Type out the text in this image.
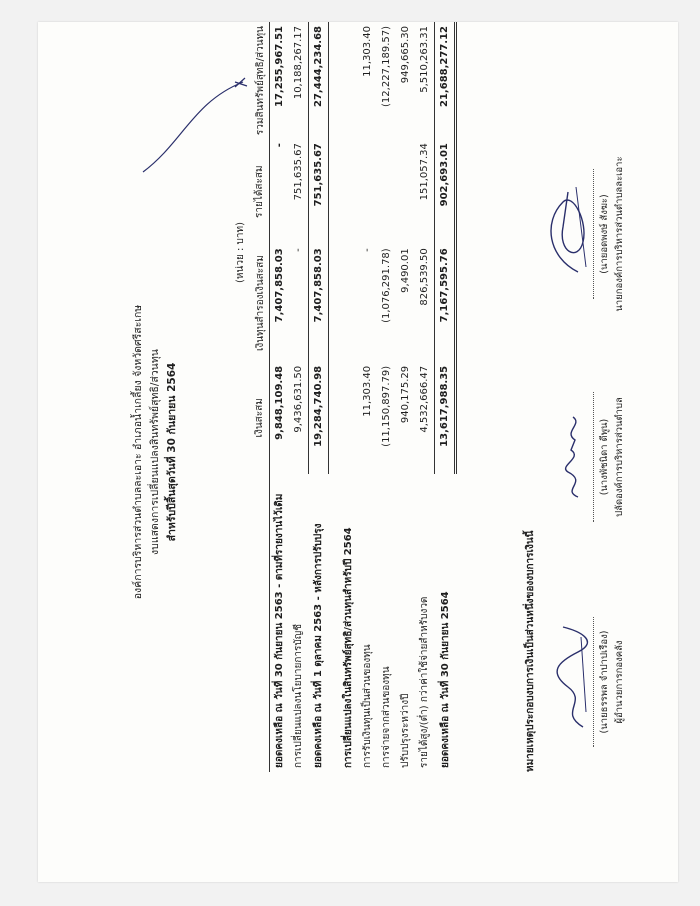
องค์การบริหารส่วนตำบลละเอาะ อำเภอน้ำเกลี้ยง จังหวัดศรีสะเกษ งบแสดงการเปลี่ยนแปลงสินทรัพย์สุทธิ/ส่วนทุน สำหรับปีสิ้นสุดวันที่ 30 กันยายน 2564
(หน่วย : บาท)
	เงินสะสม	เงินทุนสำรองเงินสะสม	รายได้สะสม	รวมสินทรัพย์สุทธิ/ส่วนทุน
ยอดคงเหลือ ณ วันที่ 30 กันยายน 2563 - ตามที่รายงานไว้เดิม	9,848,109.48	7,407,858.03	-	17,255,967.51
การเปลี่ยนแปลงนโยบายการบัญชี	9,436,631.50	-	751,635.67	10,188,267.17
ยอดคงเหลือ ณ วันที่ 1 ตุลาคม 2563 - หลังการปรับปรุง	19,284,740.98	7,407,858.03	751,635.67	27,444,234.68

การเปลี่ยนแปลงในสินทรัพย์สุทธิ/ส่วนทุนสำหรับปี 2564				
การรับเงินทุนเป็นส่วนของทุน	11,303.40	-		11,303.40
การจ่ายจากส่วนของทุน	(11,150,897.79)	(1,076,291.78)		(12,227,189.57)
ปรับปรุงระหว่างปี	940,175.29	9,490.01		949,665.30
รายได้สูง/(ต่ำ) กว่าค่าใช้จ่ายสำหรับงวด	4,532,666.47	826,539.50	151,057.34	5,510,263.31
ยอดคงเหลือ ณ วันที่ 30 กันยายน 2564	13,617,988.35	7,167,595.76	902,693.01	21,688,277.12
หมายเหตุประกอบงบการเงินเป็นส่วนหนึ่งของงบการเงินนี้	(นายธรรพล จำปาปเรือง) ผู้อำนวยการกองคลัง
(นางพัชนิดา ดีพูน) ปลัดองค์การบริหารส่วนตำบล
(นายอดพงษ์ สังฆะ) นายกองค์การบริหารส่วนตำบลละเอาะ
